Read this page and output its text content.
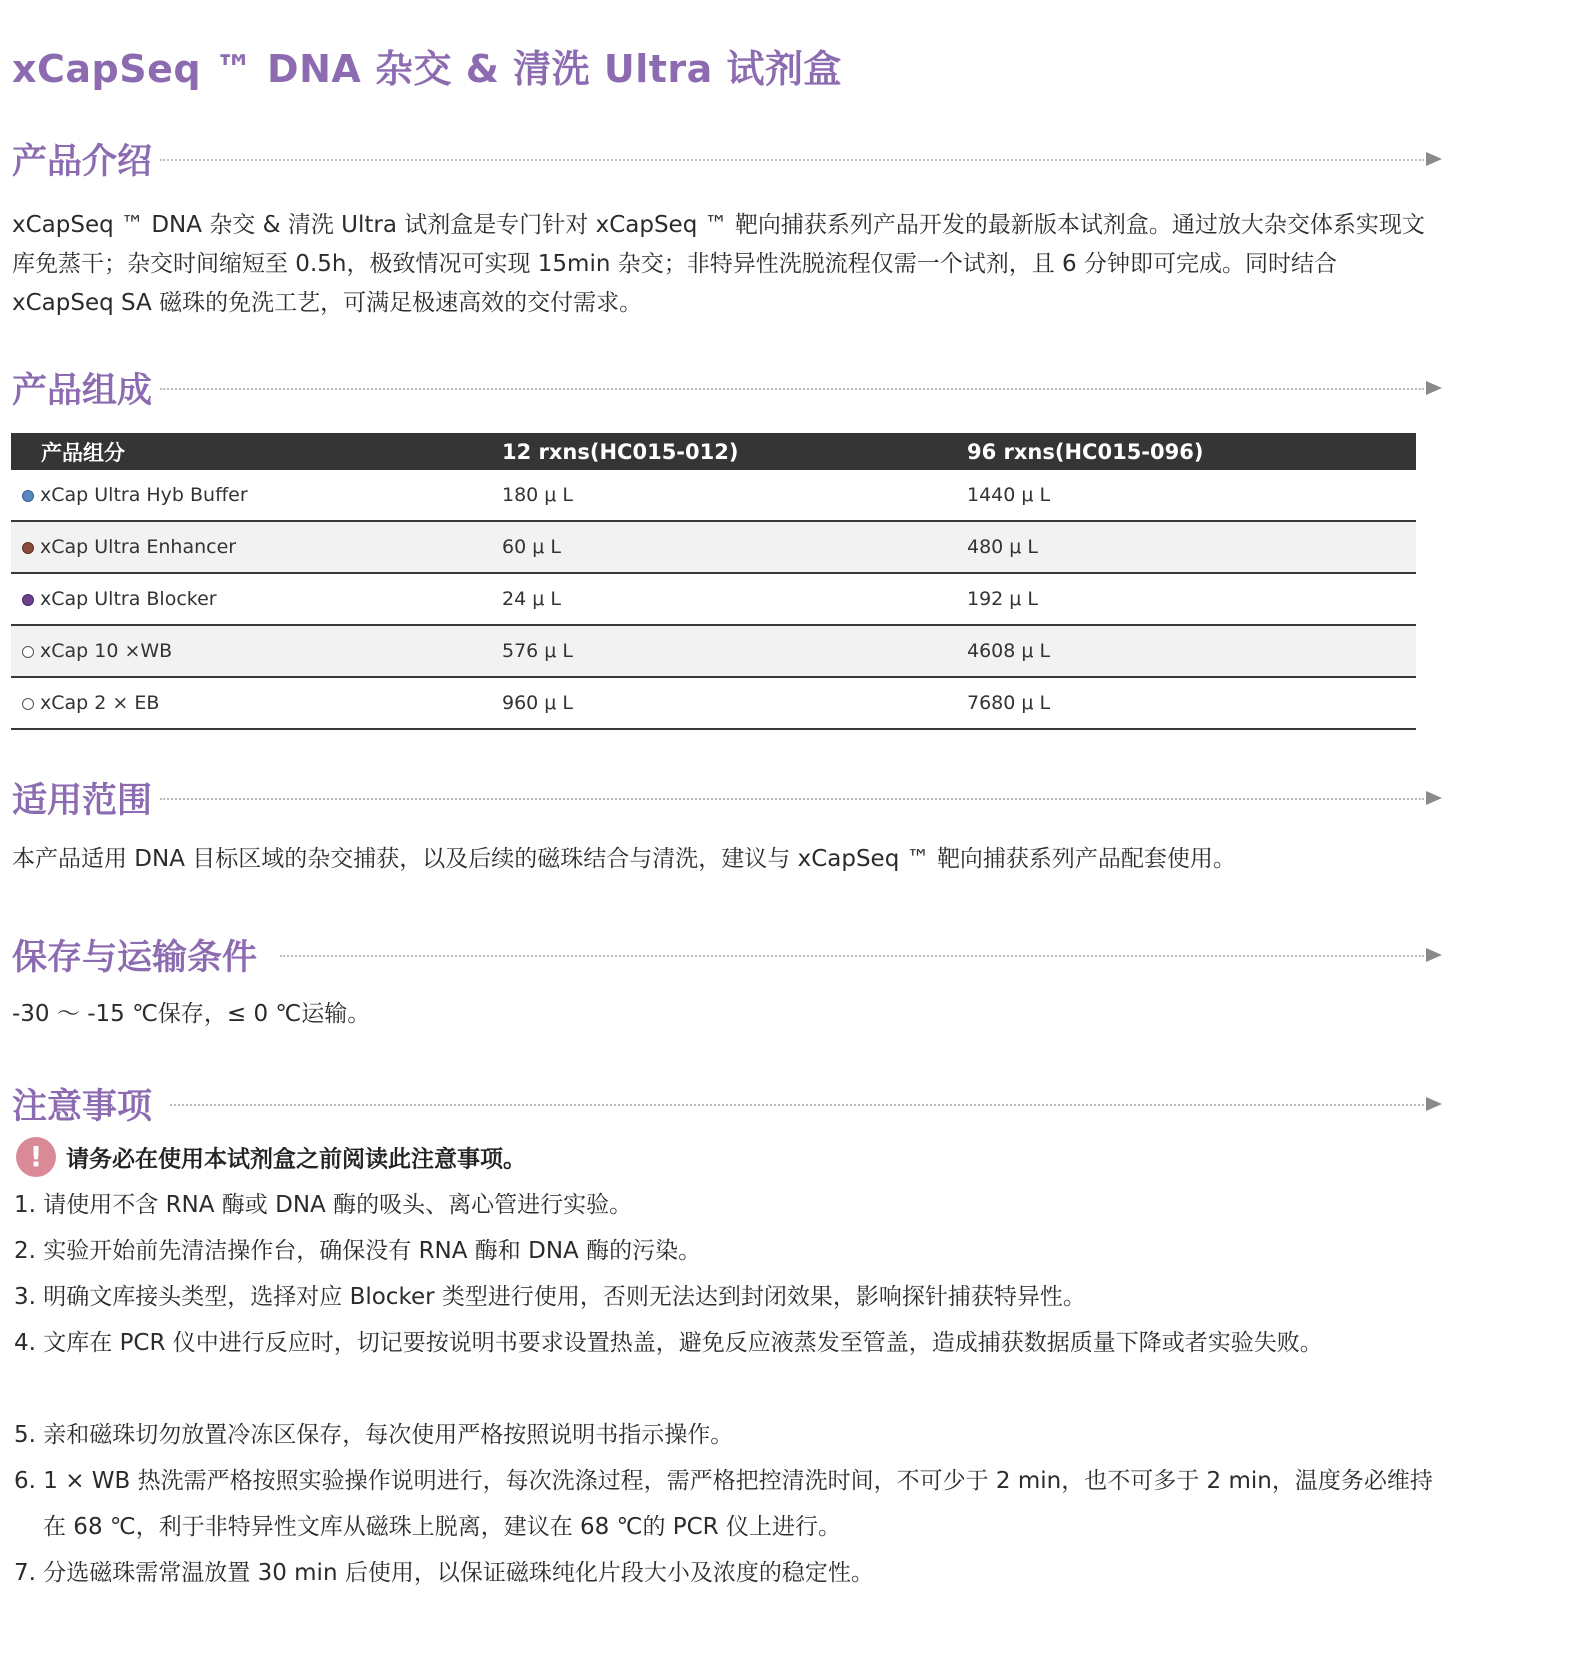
xCapSeq ™ DNA 杂交 & 清洗 Ultra 试剂盒
产品介绍
xCapSeq ™ DNA 杂交 & 清洗 Ultra 试剂盒是专门针对 xCapSeq ™ 靶向捕获系列产品开发的最新版本试剂盒。通过放大杂交体系实现文库免蒸干；杂交时间缩短至 0.5h，极致情况可实现 15min 杂交；非特异性洗脱流程仅需一个试剂，且 6 分钟即可完成。同时结合 xCapSeq SA 磁珠的免洗工艺，可满足极速高效的交付需求。
产品组成
产品组分	12 rxns(HC015-012)	96 rxns(HC015-096)
xCap Ultra Hyb Buffer	180 μ L	1440 μ L
xCap Ultra Enhancer	60 μ L	480 μ L
xCap Ultra Blocker	24 μ L	192 μ L
xCap 10 ×WB	576 μ L	4608 μ L
xCap 2 × EB	960 μ L	7680 μ L
适用范围
本产品适用 DNA 目标区域的杂交捕获，以及后续的磁珠结合与清洗，建议与 xCapSeq ™ 靶向捕获系列产品配套使用。
保存与运输条件
-30 ～ -15 ℃保存，≤ 0 ℃运输。
注意事项
! 请务必在使用本试剂盒之前阅读此注意事项。
1. 请使用不含 RNA 酶或 DNA 酶的吸头、离心管进行实验。
2. 实验开始前先清洁操作台，确保没有 RNA 酶和 DNA 酶的污染。
3. 明确文库接头类型，选择对应 Blocker 类型进行使用，否则无法达到封闭效果，影响探针捕获特异性。
4. 文库在 PCR 仪中进行反应时，切记要按说明书要求设置热盖，避免反应液蒸发至管盖，造成捕获数据质量下降或者实验失败。
5. 亲和磁珠切勿放置冷冻区保存，每次使用严格按照说明书指示操作。
6. 1 × WB 热洗需严格按照实验操作说明进行，每次洗涤过程，需严格把控清洗时间，不可少于 2 min，也不可多于 2 min，温度务必维持在 68 ℃，利于非特异性文库从磁珠上脱离，建议在 68 ℃的 PCR 仪上进行。
7. 分选磁珠需常温放置 30 min 后使用，以保证磁珠纯化片段大小及浓度的稳定性。
